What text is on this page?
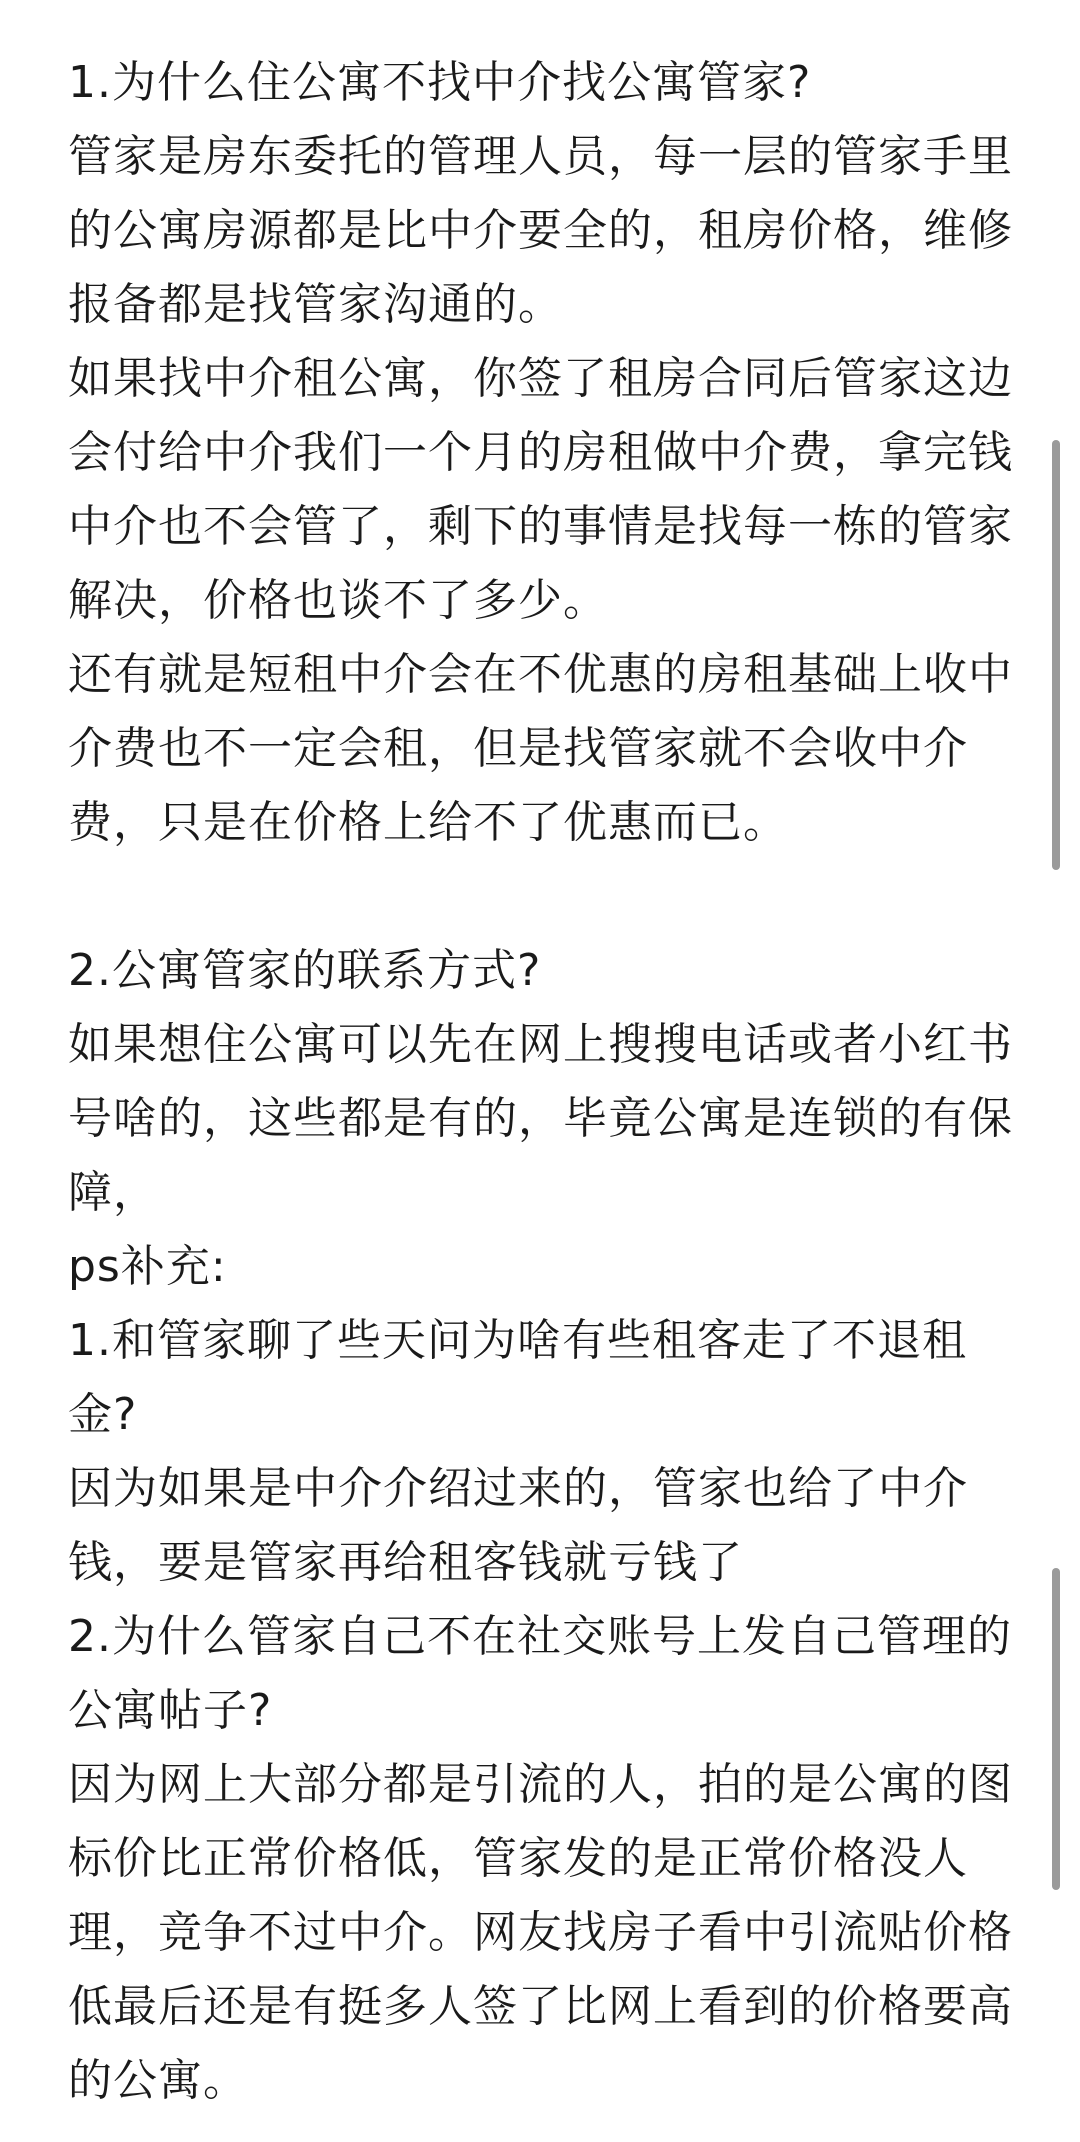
1.为什么住公寓不找中介找公寓管家?
管家是房东委托的管理人员，每一层的管家手里
的公寓房源都是比中介要全的，租房价格，维修
报备都是找管家沟通的。
如果找中介租公寓，你签了租房合同后管家这边
会付给中介我们一个月的房租做中介费，拿完钱
中介也不会管了，剩下的事情是找每一栋的管家
解决，价格也谈不了多少。
还有就是短租中介会在不优惠的房租基础上收中
介费也不一定会租，但是找管家就不会收中介
费，只是在价格上给不了优惠而已。
2.公寓管家的联系方式?
如果想住公寓可以先在网上搜搜电话或者小红书
号啥的，这些都是有的，毕竟公寓是连锁的有保
障，
ps补充:
1.和管家聊了些天问为啥有些租客走了不退租
金?
因为如果是中介介绍过来的，管家也给了中介
钱，要是管家再给租客钱就亏钱了
2.为什么管家自己不在社交账号上发自己管理的
公寓帖子?
因为网上大部分都是引流的人，拍的是公寓的图
标价比正常价格低，管家发的是正常价格没人
理，竞争不过中介。网友找房子看中引流贴价格
低最后还是有挺多人签了比网上看到的价格要高
的公寓。
